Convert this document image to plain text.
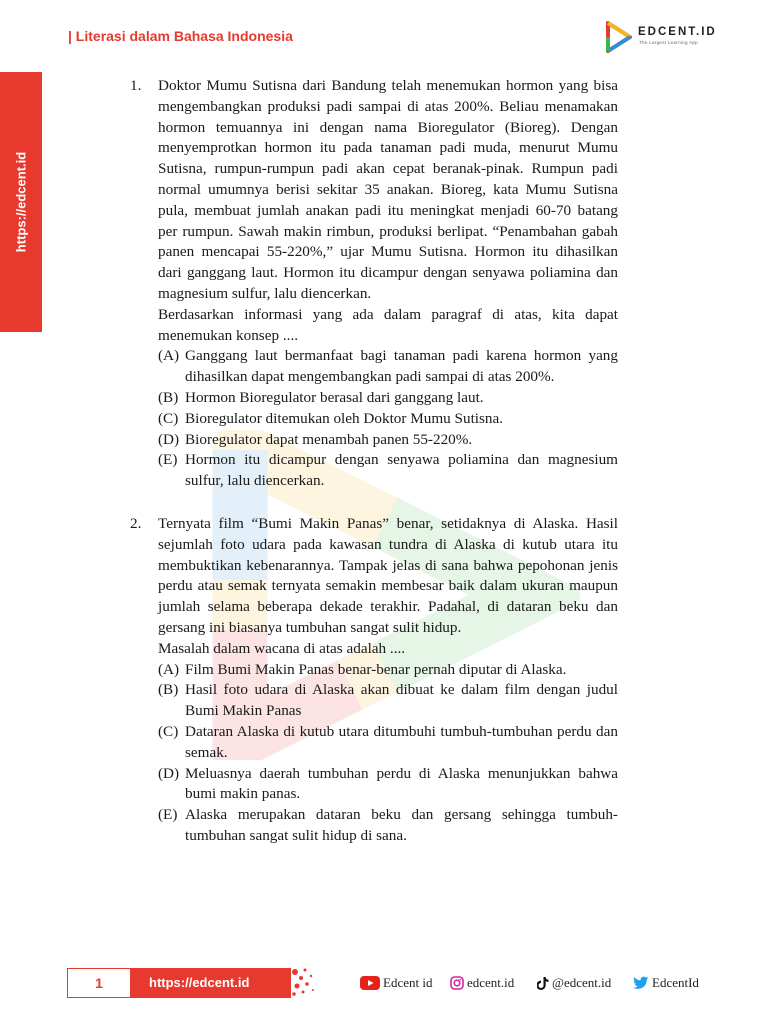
| Literasi dalam Bahasa Indonesia	EDCENT.ID
The Largest Learning App
https://edcent.id
1. Doktor Mumu Sutisna dari Bandung telah menemukan hormon yang bisa mengembangkan produksi padi sampai di atas 200%. Beliau menamakan hormon temuannya ini dengan nama Bioregulator (Bioreg). Dengan menyemprotkan hormon itu pada tanaman padi muda, menurut Mumu Sutisna, rumpun-rumpun padi akan cepat beranak-pinak. Rumpun padi normal umumnya berisi sekitar 35 anakan. Bioreg, kata Mumu Sutisna pula, membuat jumlah anakan padi itu meningkat menjadi 60-70 batang per rumpun. Sawah makin rimbun, produksi berlipat. “Penambahan gabah panen mencapai 55-220%,” ujar Mumu Sutisna. Hormon itu dihasilkan dari ganggang laut. Hormon itu dicampur dengan senyawa poliamina dan magnesium sulfur, lalu diencerkan.

Berdasarkan informasi yang ada dalam paragraf di atas, kita dapat menemukan konsep ....

(A) Ganggang laut bermanfaat bagi tanaman padi karena hormon yang dihasilkan dapat mengembangkan padi sampai di atas 200%.

(B) Hormon Bioregulator berasal dari ganggang laut.

(C) Bioregulator ditemukan oleh Doktor Mumu Sutisna.

(D) Bioregulator dapat menambah panen 55-220%.

(E) Hormon itu dicampur dengan senyawa poliamina dan magnesium sulfur, lalu diencerkan.

2. Ternyata film “Bumi Makin Panas” benar, setidaknya di Alaska. Hasil sejumlah foto udara pada kawasan tundra di Alaska di kutub utara itu membuktikan kebenarannya. Tampak jelas di sana bahwa pepohonan jenis perdu atau semak ternyata semakin membesar baik dalam ukuran maupun jumlah selama beberapa dekade terakhir. Padahal, di dataran beku dan gersang ini biasanya tumbuhan sangat sulit hidup.

Masalah dalam wacana di atas adalah ....

(A) Film Bumi Makin Panas benar-benar pernah diputar di Alaska.

(B) Hasil foto udara di Alaska akan dibuat ke dalam film dengan judul Bumi Makin Panas

(C) Dataran Alaska di kutub utara ditumbuhi tumbuh-tumbuhan perdu dan semak.

(D) Meluasnya daerah tumbuhan perdu di Alaska menunjukkan bahwa bumi makin panas.

(E) Alaska merupakan dataran beku dan gersang sehingga tumbuh-tumbuhan sangat sulit hidup di sana.

1	https://edcent.id	Edcent id	edcent.id	@edcent.id	EdcentId
